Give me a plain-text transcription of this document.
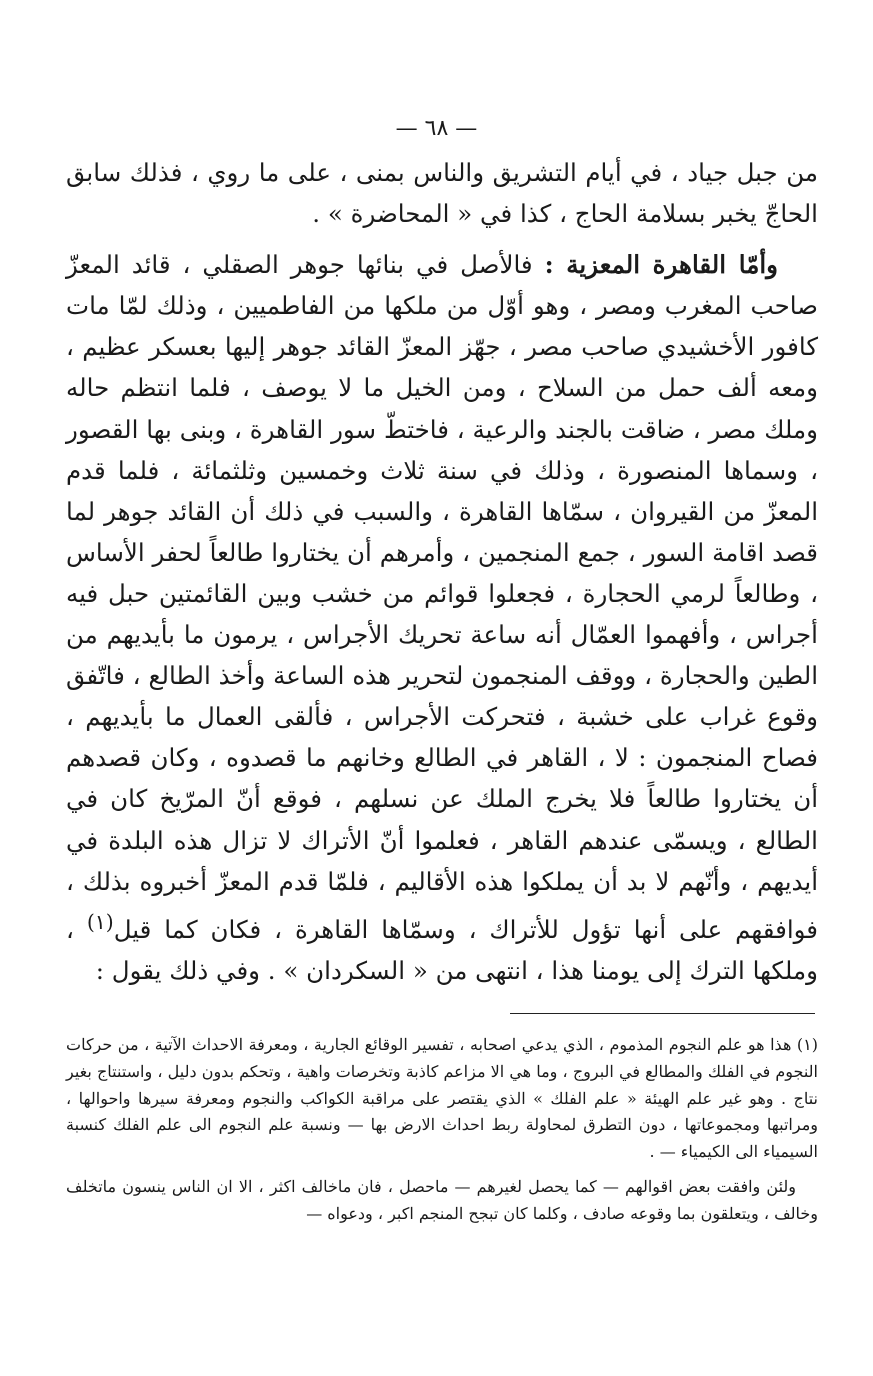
— ٦٨ —

من جبل جياد ، في أيام التشريق والناس بمنى ، على ما روي ، فذلك سابق الحاجّ يخبر بسلامة الحاج ، كذا في « المحاضرة » .

وأمّا القاهرة المعزية : فالأصل في بنائها جوهر الصقلي ، قائد المعزّ صاحب المغرب ومصر ، وهو أوّل من ملكها من الفاطميين ، وذلك لمّا مات كافور الأخشيدي صاحب مصر ، جهّز المعزّ القائد جوهر إليها بعسكر عظيم ، ومعه ألف حمل من السلاح ، ومن الخيل ما لا يوصف ، فلما انتظم حاله وملك مصر ، ضاقت بالجند والرعية ، فاختطّ سور القاهرة ، وبنى بها القصور ، وسماها المنصورة ، وذلك في سنة ثلاث وخمسين وثلثمائة ، فلما قدم المعزّ من القيروان ، سمّاها القاهرة ، والسبب في ذلك أن القائد جوهر لما قصد اقامة السور ، جمع المنجمين ، وأمرهم أن يختاروا طالعاً لحفر الأساس ، وطالعاً لرمي الحجارة ، فجعلوا قوائم من خشب وبين القائمتين حبل فيه أجراس ، وأفهموا العمّال أنه ساعة تحريك الأجراس ، يرمون ما بأيديهم من الطين والحجارة ، ووقف المنجمون لتحرير هذه الساعة وأخذ الطالع ، فاتّفق وقوع غراب على خشبة ، فتحركت الأجراس ، فألقى العمال ما بأيديهم ، فصاح المنجمون : لا ، القاهر في الطالع وخانهم ما قصدوه ، وكان قصدهم أن يختاروا طالعاً فلا يخرج الملك عن نسلهم ، فوقع أنّ المرّيخ كان في الطالع ، ويسمّى عندهم القاهر ، فعلموا أنّ الأتراك لا تزال هذه البلدة في أيديهم ، وأنّهم لا بد أن يملكوا هذه الأقاليم ، فلمّا قدم المعزّ أخبروه بذلك ، فوافقهم على أنها تؤول للأتراك ، وسمّاها القاهرة ، فكان كما قيل$^{(١)}$ ، وملكها الترك إلى يومنا هذا ، انتهى من « السكردان » . وفي ذلك يقول :

(١) هذا هو علم النجوم المذموم ، الذي يدعي اصحابه ، تفسير الوقائع الجارية ، ومعرفة الاحداث الآتية ، من حركات النجوم في الفلك والمطالع في البروج ، وما هي الا مزاعم كاذبة وتخرصات واهية ، وتحكم بدون دليل ، واستنتاج بغير نتاج . وهو غير علم الهيئة « علم الفلك » الذي يقتصر على مراقبة الكواكب والنجوم ومعرفة سيرها واحوالها ، ومراتبها ومجموعاتها ، دون التطرق لمحاولة ربط احداث الارض بها — ونسبة علم النجوم الى علم الفلك كنسبة السيمياء الى الكيمياء — .

ولئن وافقت بعض اقوالهم — كما يحصل لغيرهم — ماحصل ، فان ماخالف اكثر ، الا ان الناس ينسون ماتخلف وخالف ، ويتعلقون بما وقوعه صادف ، وكلما كان تبجح المنجم اكبر ، ودعواه —
